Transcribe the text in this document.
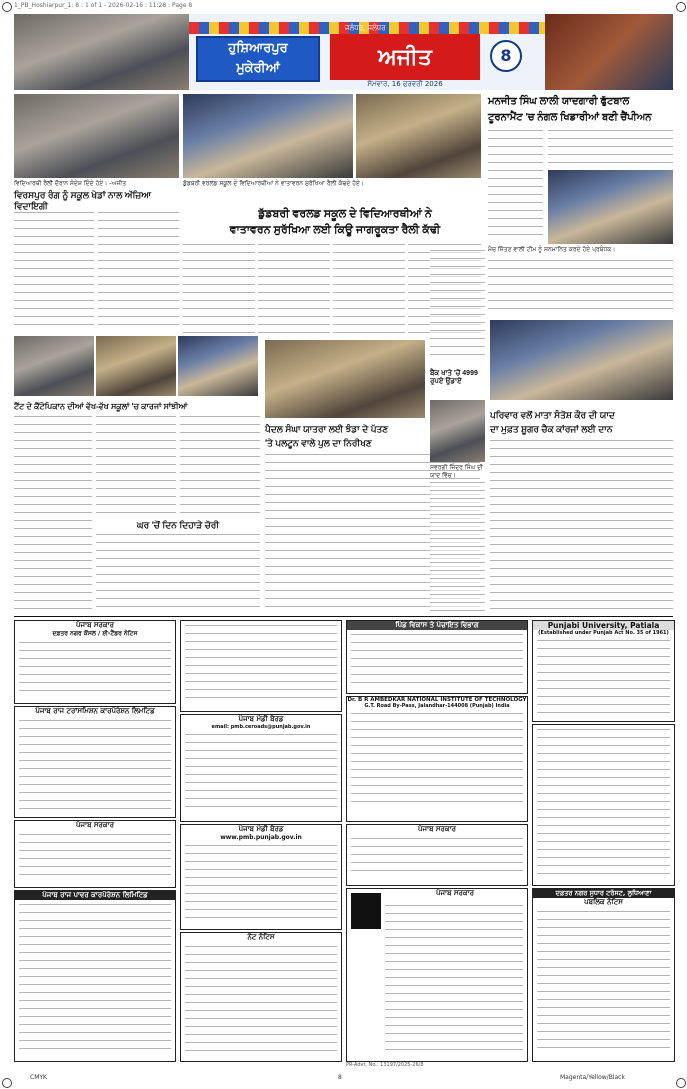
1_PB_Hoshiarpur_1: 8 : 1 of 1 - 2026-02-16 : 11:28 : Page 8
ਹੁਸ਼ਿਆਰਪੁਰ
ਮੁਕੇਰੀਆਂ
ਜਲੰਧਰ, ਜਲੰਧਰ
ਅਜੀਤ
ਸੋਮਵਾਰ, 16 ਫਰਵਰੀ 2026
8
ਵਿਦਿਆਰਥੀ ਰੈਲੀ ਦੌਰਾਨ ਸੰਦੇਸ਼ ਦਿੰਦੇ ਹੋਏ। -ਅਜੀਤ
ਵਿਰਸਪੁਰ ਰੰਗ ਨੂੰ ਸਕੂਲ ਖੇਡਾਂ ਨਾਲ ਅੱਜ਼ਿਆ ਵਿਦਾਇਗੀ
ਡੁੱਡਬਰੀ ਵਰਲਡ ਸਕੂਲ ਦੇ ਵਿਦਿਆਰਥੀਆਂ ਨੇ ਵਾਤਾਵਰਨ ਸੁਰੱਖਿਆ ਰੈਲੀ ਕੱਢਦੇ ਹੋਏ।
ਡੁੱਡਬਰੀ ਵਰਲਡ ਸਕੂਲ ਦੇ ਵਿਦਿਆਰਥੀਆਂ ਨੇ
ਵਾਤਾਵਰਨ ਸੁਰੱਖਿਆ ਲਈ ਕਿਊ ਜਾਗਰੂਕਤਾ ਰੈਲੀ ਕੱਢੀ
ਮਨਜੀਤ ਸਿੰਘ ਲਾਲੀ ਯਾਦਗਾਰੀ ਫੁੱਟਬਾਲ
ਟੂਰਨਾਮੈਂਟ 'ਚ ਨੰਗਲ ਖਿਡਾਰੀਆਂ ਬਣੀ ਚੈਂਪੀਅਨ
ਮੈਚ ਜਿੱਤਣ ਵਾਲੀ ਟੀਮ ਨੂੰ ਸਨਮਾਨਿਤ ਕਰਦੇ ਹੋਏ ਪ੍ਰਬੰਧਕ।
ਟੈਂਟ ਦੇ ਕੈਂਟੋਪਿਕਾਨ ਦੀਆਂ ਵੱਖ-ਵੱਖ ਸਕੂਲਾਂ 'ਚ ਕਾਰਜਾਂ ਸਾਂਝੀਆਂ
ਘਰ 'ਚੋਂ ਦਿਨ ਦਿਹਾੜੇ ਚੋਰੀ
ਪੈਦਲ ਸੰਘਾ ਯਾਤਰਾ ਲਈ ਝੰਡਾ ਦੇ ਪੱਤਣ
'ਤੇ ਪਲਟੂਨ ਵਾਲੇ ਪੁਲ ਦਾ ਨਿਰੀਖਣ
ਬੈਂਕ ਖਾਤੇ 'ਚੋਂ 4999 ਰੁਪਏ ਉਡਾਏ
ਸਵਰਗੀ ਜਿੰਦਰ ਸਿੰਘ ਦੀ ਯਾਦ ਵਿੱਚ।
ਪਰਿਵਾਰ ਵਲੋਂ ਮਾਤਾ ਸੰਤੋਸ਼ ਕੌਰ ਦੀ ਯਾਦ
ਦਾ ਮੁਫ਼ਤ ਸ਼ੂਗਰ ਚੈਕ ਕਾਂਰਜਾਂ ਲਈ ਦਾਨ
ਪੰਜਾਬ ਸਰਕਾਰ
ਦਫ਼ਤਰ ਨਗਰ ਕੌਂਸਲ / ਈ-ਟੈਂਡਰ ਨੋਟਿਸ
ਪੰਜਾਬ ਰਾਜ ਟਰਾਂਸਮਿਸ਼ਨ ਕਾਰਪੋਰੇਸ਼ਨ ਲਿਮਟਿਡ
ਪੰਜਾਬ ਸਰਕਾਰ
ਪੰਜਾਬ ਰਾਜ ਪਾਵਰ ਕਾਰਪੋਰੇਸ਼ਨ ਲਿਮਿਟਿਡ
ਪੰਜਾਬ ਮੰਡੀ ਬੋਰਡ
email: pmb.ceroads@punjab.gov.in
ਪੰਜਾਬ ਮੰਡੀ ਬੋਰਡ
www.pmb.punjab.gov.in
ਨੋਟ ਨੋਟਿਸ
ਪਿੰਡ ਵਿਕਾਸ ਤੇ ਪੰਚਾਇਤ ਵਿਭਾਗ
Dr. B R AMBEDKAR NATIONAL INSTITUTE OF TECHNOLOGY
G.T. Road By-Pass, Jalandhar-144008 (Punjab) India
ਪੰਜਾਬ ਸਰਕਾਰ
ਪੰਜਾਬ ਸਰਕਾਰ
Punjabi University, Patiala
(Established under Punjab Act No. 35 of 1961)
ਦਫ਼ਤਰ ਨਗਰ ਸੁਧਾਰ ਟਰੱਸਟ, ਲੁਧਿਆਣਾ
ਪਬਲਿਕ ਨੋਟਿਸ
PR-Advt. No.: 13197/2025-26/8
CMYK	8	Magenta/Yellow/Black
